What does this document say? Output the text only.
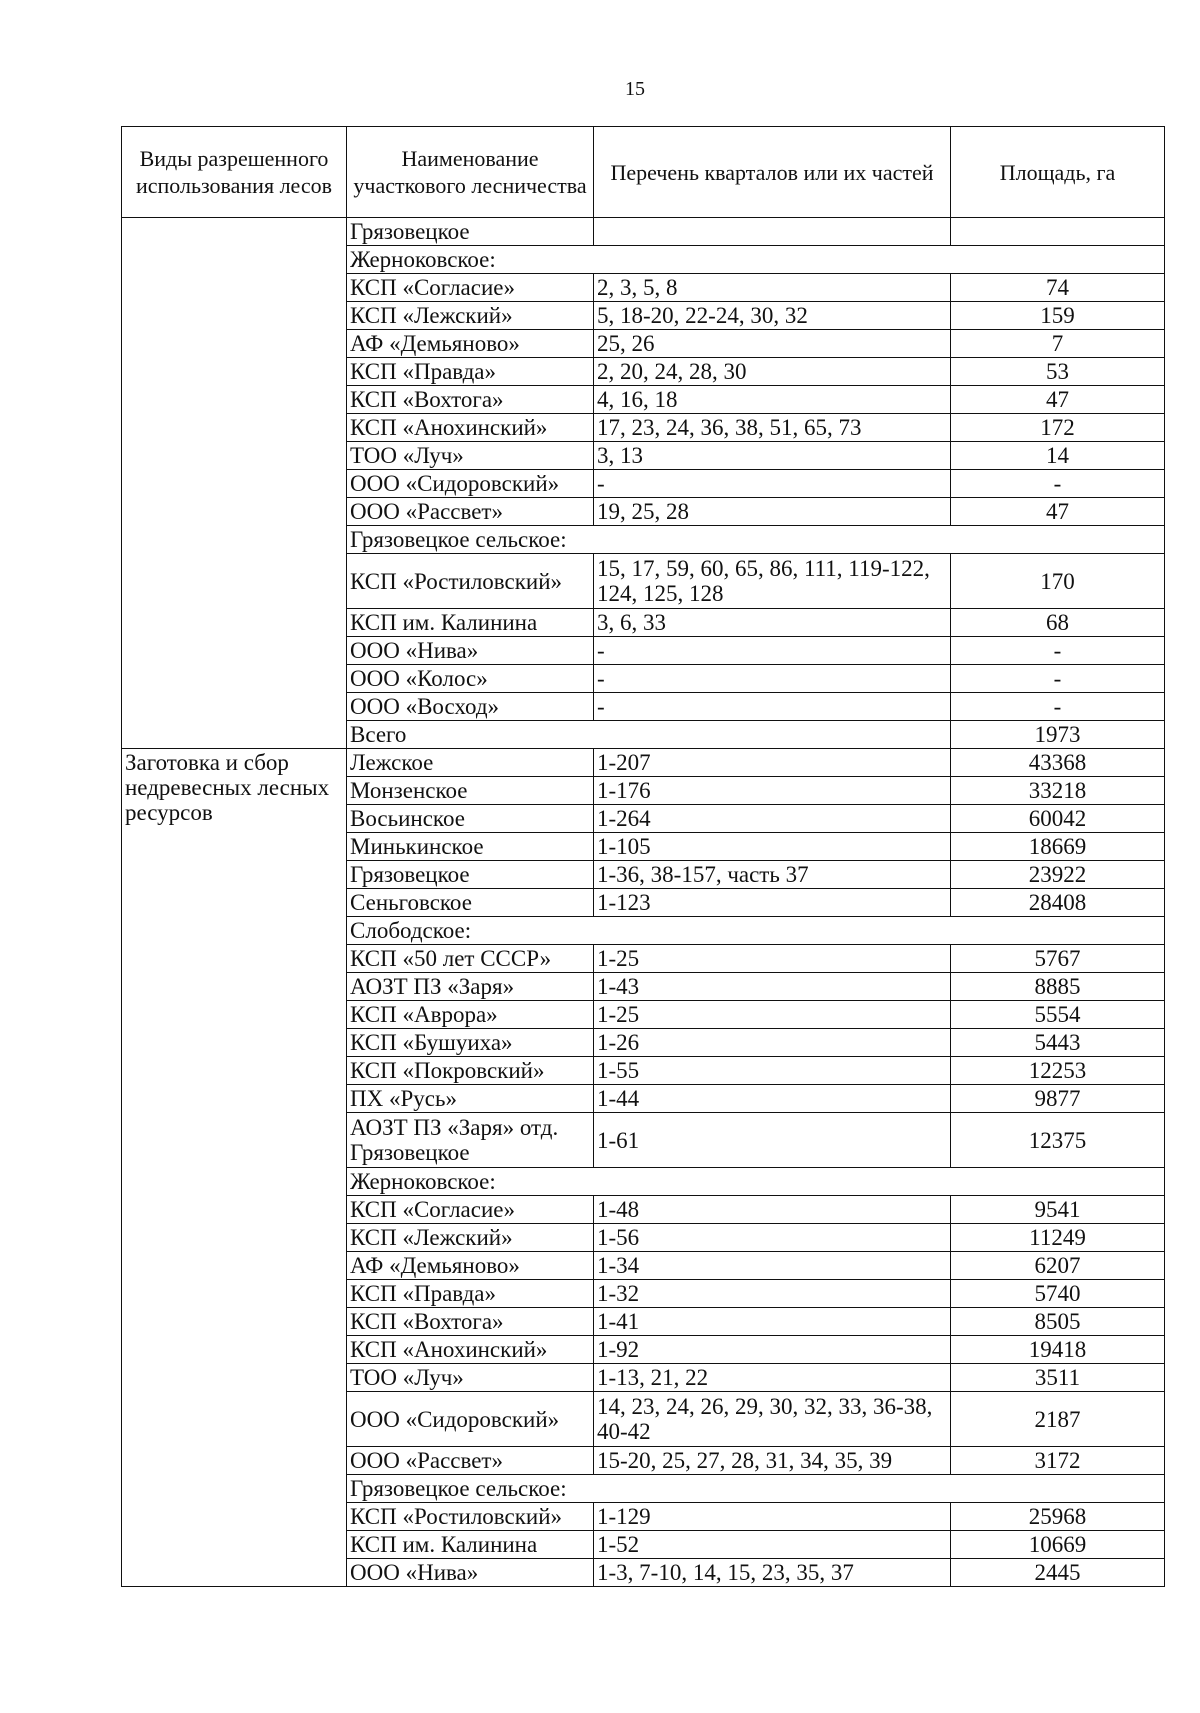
15
Виды разрешенного использования лесов	Наименование участкового лесничества	Перечень кварталов или их частей	Площадь, га
	Грязовецкое		
	Жерноковское:		
	КСП «Согласие»	2, 3, 5, 8	74
	КСП «Лежский»	5, 18-20, 22-24, 30, 32	159
	АФ «Демьяново»	25, 26	7
	КСП «Правда»	2, 20, 24, 28, 30	53
	КСП «Вохтога»	4, 16, 18	47
	КСП «Анохинский»	17, 23, 24, 36, 38, 51, 65, 73	172
	ТОО «Луч»	3, 13	14
	ООО «Сидоровский»	-	-
	ООО «Рассвет»	19, 25, 28	47
	Грязовецкое сельское:		
	КСП «Ростиловский»	15, 17, 59, 60, 65, 86, 111, 119-122, 124, 125, 128	170
	КСП им. Калинина	3, 6, 33	68
	ООО «Нива»	-	-
	ООО «Колос»	-	-
	ООО «Восход»	-	-
	Всего		1973
Заготовка и сбор недревесных лесных ресурсов	Лежское	1-207	43368
	Монзенское	1-176	33218
	Восьинское	1-264	60042
	Минькинское	1-105	18669
	Грязовецкое	1-36, 38-157, часть 37	23922
	Сеньговское	1-123	28408
	Слободское:		
	КСП «50 лет СССР»	1-25	5767
	АОЗТ ПЗ «Заря»	1-43	8885
	КСП «Аврора»	1-25	5554
	КСП «Бушуиха»	1-26	5443
	КСП «Покровский»	1-55	12253
	ПХ «Русь»	1-44	9877
	АОЗТ ПЗ «Заря» отд. Грязовецкое	1-61	12375
	Жерноковское:		
	КСП «Согласие»	1-48	9541
	КСП «Лежский»	1-56	11249
	АФ «Демьяново»	1-34	6207
	КСП «Правда»	1-32	5740
	КСП «Вохтога»	1-41	8505
	КСП «Анохинский»	1-92	19418
	ТОО «Луч»	1-13, 21, 22	3511
	ООО «Сидоровский»	14, 23, 24, 26, 29, 30, 32, 33, 36-38, 40-42	2187
	ООО «Рассвет»	15-20, 25, 27, 28, 31, 34, 35, 39	3172
	Грязовецкое сельское:		
	КСП «Ростиловский»	1-129	25968
	КСП им. Калинина	1-52	10669
	ООО «Нива»	1-3, 7-10, 14, 15, 23, 35, 37	2445
